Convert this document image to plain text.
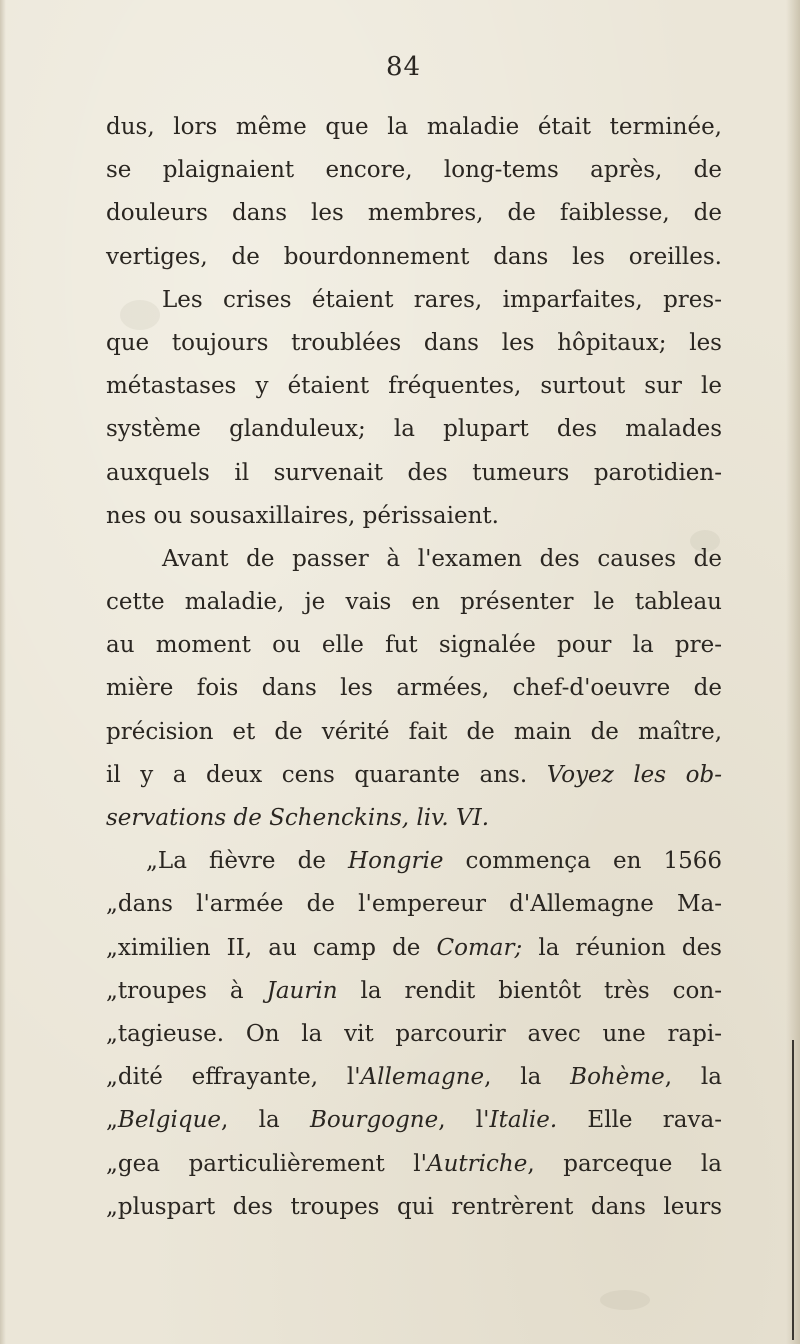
84
dus, lors même que la maladie était terminée,
se plaignaient encore, long-tems après, de
douleurs dans les membres, de faiblesse, de
vertiges, de bourdonnement dans les oreilles.
Les crises étaient rares, imparfaites, pres-
que toujours troublées dans les hôpitaux; les
métastases y étaient fréquentes, surtout sur le
système glanduleux; la plupart des malades
auxquels il survenait des tumeurs parotidien-
nes ou sousaxillaires, périssaient.
Avant de passer à l'examen des causes de
cette maladie, je vais en présenter le tableau
au moment ou elle fut signalée pour la pre-
mière fois dans les armées, chef-d'oeuvre de
précision et de vérité fait de main de maître,
il y a deux cens quarante ans. Voyez les ob-
servations de Schenckins, liv. VI.
„La fièvre de Hongrie commença en 1566
„dans l'armée de l'empereur d'Allemagne Ma-
„ximilien II, au camp de Comar; la réunion des
„troupes à Jaurin la rendit bientôt très con-
„tagieuse. On la vit parcourir avec une rapi-
„dité effrayante, l'Allemagne, la Bohème, la
„Belgique, la Bourgogne, l'Italie. Elle rava-
„gea particulièrement l'Autriche, parceque la
„pluspart des troupes qui rentrèrent dans leurs
